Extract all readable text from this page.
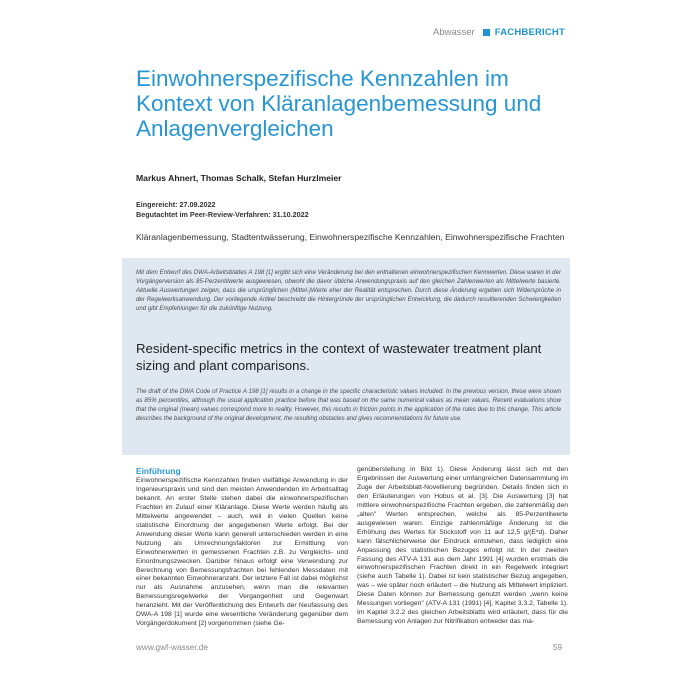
Abwasser FACHBERICHT
Einwohnerspezifische Kennzahlen im Kontext von Kläranlagenbemessung und Anlagenvergleichen
Markus Ahnert, Thomas Schalk, Stefan Hurzlmeier
Eingereicht: 27.09.2022
Begutachtet im Peer-Review-Verfahren: 31.10.2022
Kläranlagenbemessung, Stadtentwässerung, Einwohnerspezifische Kennzahlen, Einwohnerspezifische Frachten

Mit dem Entwurf des DWA-Arbeitsblattes A 198 [1] ergibt sich eine Veränderung bei den enthaltenen einwohnerspezifischen Kennwerten. Diese waren in der Vorgängerversion als 85-Perzentilwerte ausgewiesen, obwohl die davor übliche Anwendungspraxis auf den gleichen Zahlenwerten als Mittelwerte basierte. Aktuelle Auswertungen zeigen, dass die ursprünglichen (Mittel-)Werte eher der Realität entsprechen. Durch diese Änderung ergeben sich Widersprüche in der Regelwerksanwendung. Der vorliegende Artikel beschreibt die Hintergründe der ursprünglichen Entwicklung, die dadurch resultierenden Schwierigkeiten und gibt Empfehlungen für die zukünftige Nutzung.

Resident-specific metrics in the context of wastewater treatment plant sizing and plant comparisons.

The draft of the DWA Code of Practice A 198 [1] results in a change in the specific characteristic values included. In the previous version, these were shown as 85% percentiles, although the usual application practice before that was based on the same numerical values as mean values. Recent evaluations show that the original (mean) values correspond more to reality. However, this results in friction points in the application of the rules due to this change. This article describes the background of the original development, the resulting obstacles and gives recommendations for future use.

Einführung

Einwohnerspezifische Kennzahlen finden vielfältige Anwendung in der Ingenieurspraxis und sind den meisten Anwendenden im Arbeitsalltag bekannt. An erster Stelle stehen dabei die einwohnerspezifischen Frachten im Zulauf einer Kläranlage. Diese Werte werden häufig als Mittelwerte angewendet – auch, weil in vielen Quellen keine statistische Einordnung der angegebenen Werte erfolgt. Bei der Anwendung dieser Werte kann generell unterschieden werden in eine Nutzung als Umrechnungsfaktoren zur Ermittlung von Einwohnerwerten in gemessenen Frachten z.B. zu Vergleichs- und Einordnungszwecken. Darüber hinaus erfolgt eine Verwendung zur Berechnung von Bemessungsfrachten bei fehlenden Messdaten mit einer bekannten Einwohneranzahl. Der letztere Fall ist dabei möglichst nur als Ausnahme anzusehen, wenn man die relevanten Bemessungsregelwerke der Vergangenheit und Gegenwart heranzieht. Mit der Veröffentlichung des Entwurfs der Neufassung des DWA-A 198 [1] wurde eine wesentliche Veränderung gegenüber dem Vorgängerdokument [2] vorgenommen (siehe Ge-

genüberstellung in Bild 1). Diese Änderung lässt sich mit den Ergebnissen der Auswertung einer umfangreichen Datensammlung im Zuge der Arbeitsblatt-Novellierung begründen. Details finden sich in den Erläuterungen von Hobus et al. [3]. Die Auswertung [3] hat mittlere einwohnerspezifische Frachten ergeben, die zahlenmäßig den „alten" Werten entsprechen, welche als 85-Perzentilwerte ausgewiesen waren. Einzige zahlenmäßige Änderung ist die Erhöhung des Wertes für Stickstoff von 11 auf 12,5 g/(E*d). Daher kann fälschlicherweise der Eindruck entstehen, dass lediglich eine Anpassung des statistischen Bezuges erfolgt ist. In der zweiten Fassung des ATV-A 131 aus dem Jahr 1991 [4] wurden erstmals die einwohnerspezifischen Frachten direkt in ein Regelwerk integriert (siehe auch Tabelle 1). Dabei ist kein statistischer Bezug angegeben, was – wie später noch erläutert – die Nutzung als Mittelwert impliziert. Diese Daten können zur Bemessung genutzt werden „wenn keine Messungen vorliegen" (ATV-A 131 (1991) [4], Kapitel 3.3.2, Tabelle 1). Im Kapitel 3.2.2 des gleichen Arbeitsblatts wird erläutert, dass für die Bemessung von Anlagen zur Nitrifikation entweder das ma-

www.gwf-wasser.de	59
